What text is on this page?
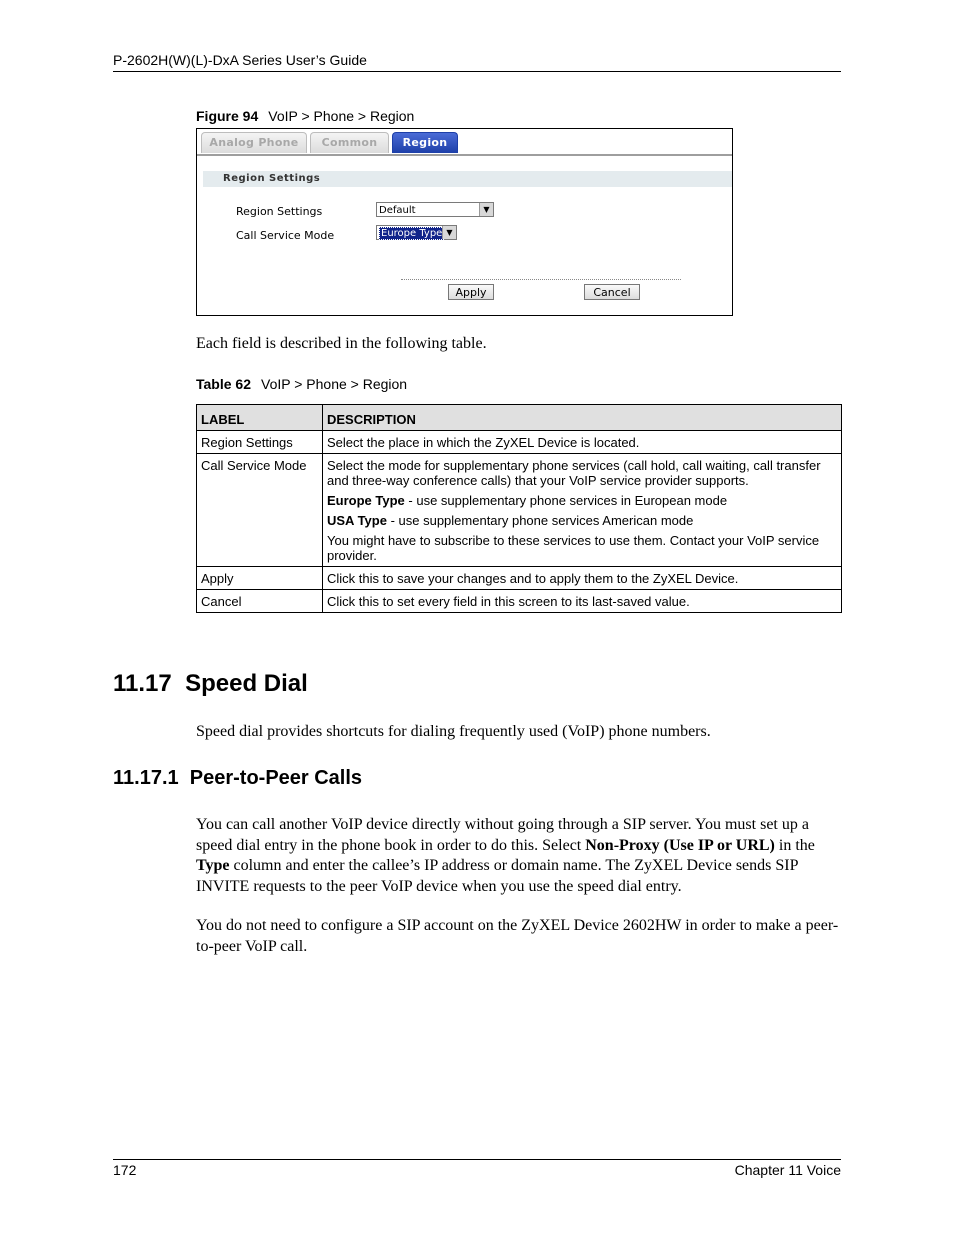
P-2602H(W)(L)-DxA Series User’s Guide
Figure 94 VoIP > Phone > Region
Analog Phone	Common	Region
Region Settings
Region Settings	Default	▼
Call Service Mode	Europe Type ▼
Apply	Cancel
Each field is described in the following table.
Table 62 VoIP > Phone > Region
LABEL	DESCRIPTION
Region Settings	Select the place in which the ZyXEL Device is located.
Call Service Mode	Select the mode for supplementary phone services (call hold, call waiting, call transfer and three-way conference calls) that your VoIP service provider supports.
Europe Type - use supplementary phone services in European mode
USA Type - use supplementary phone services American mode
You might have to subscribe to these services to use them. Contact your VoIP service provider.

Apply	Click this to save your changes and to apply them to the ZyXEL Device.
Cancel	Click this to set every field in this screen to its last-saved value.
11.17 Speed Dial
Speed dial provides shortcuts for dialing frequently used (VoIP) phone numbers.
11.17.1 Peer-to-Peer Calls
You can call another VoIP device directly without going through a SIP server. You must set up a speed dial entry in the phone book in order to do this. Select Non-Proxy (Use IP or URL) in the Type column and enter the callee’s IP address or domain name. The ZyXEL Device sends SIP INVITE requests to the peer VoIP device when you use the speed dial entry.
You do not need to configure a SIP account on the ZyXEL Device 2602HW in order to make a peer-to-peer VoIP call.
172	Chapter 11 Voice
